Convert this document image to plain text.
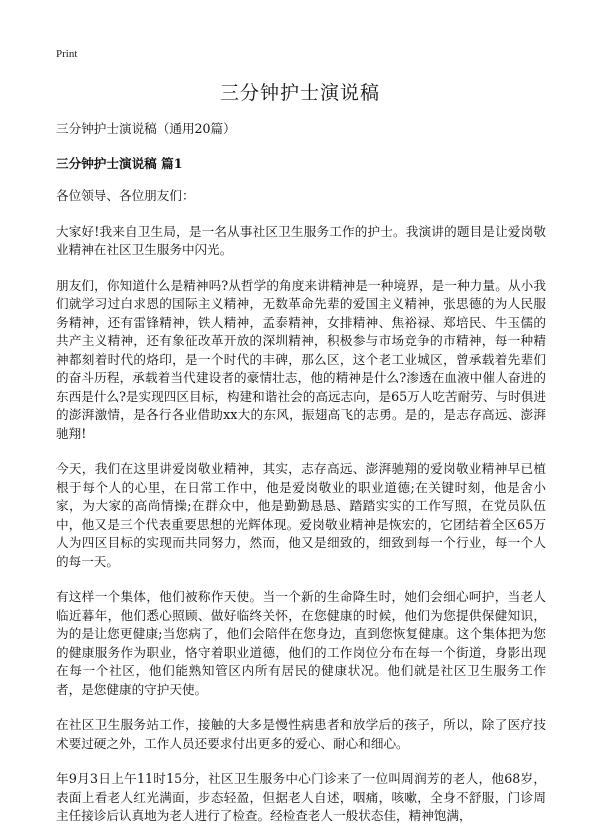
Print
三分钟护士演说稿
三分钟护士演说稿（通用20篇）
三分钟护士演说稿 篇1

各位领导、各位朋友们：

大家好!我来自卫生局，是一名从事社区卫生服务工作的护士。我演讲的题目是让爱岗敬业精神在社区卫生服务中闪光。

朋友们，你知道什么是精神吗?从哲学的角度来讲精神是一种境界，是一种力量。从小我们就学习过白求恩的国际主义精神，无数革命先辈的爱国主义精神，张思德的为人民服务精神，还有雷锋精神，铁人精神，孟泰精神，女排精神、焦裕禄、郑培民、牛玉儒的共产主义精神，还有象征改革开放的深圳精神，积极参与市场竞争的市精神，每一种精神都刻着时代的烙印，是一个时代的丰碑，那么区，这个老工业城区，曾承载着先辈们的奋斗历程，承载着当代建设者的豪情壮志，他的精神是什么?渗透在血液中催人奋进的东西是什么?是实现四区目标，构建和谐社会的高远志向，是65万人吃苦耐劳、与时俱进的澎湃激情，是各行各业借助xx大的东风，振翅高飞的志勇。是的，是志存高远、澎湃驰翔!

今天，我们在这里讲爱岗敬业精神，其实，志存高远、澎湃驰翔的爱岗敬业精神早已植根于每个人的心里，在日常工作中，他是爱岗敬业的职业道德;在关键时刻，他是舍小家，为大家的高尚情操;在群众中，他是勤勤恳恳、踏踏实实的工作写照，在党员队伍中，他又是三个代表重要思想的光辉体现。爱岗敬业精神是恢宏的，它团结着全区65万人为四区目标的实现而共同努力，然而，他又是细致的，细致到每一个行业，每一个人的每一天。

有这样一个集体，他们被称作天使。当一个新的生命降生时，她们会细心呵护，当老人临近暮年，他们悉心照顾、做好临终关怀，在您健康的时候，他们为您提供保健知识，为的是让您更健康;当您病了，他们会陪伴在您身边，直到您恢复健康。这个集体把为您的健康服务作为职业，恪守着职业道德，他们的工作岗位分布在每一个街道，身影出现在每一个社区，他们能熟知管区内所有居民的健康状况。他们就是社区卫生服务工作者，是您健康的守护天使。

在社区卫生服务站工作，接触的大多是慢性病患者和放学后的孩子，所以，除了医疗技术要过硬之外，工作人员还要求付出更多的爱心、耐心和细心。

年9月3日上午11时15分，社区卫生服务中心门诊来了一位叫周润芳的老人，他68岁，表面上看老人红光满面，步态轻盈，但据老人自述，咽痛，咳嗽，全身不舒服，门诊周主任接诊后认真地为老人进行了检查。经检查老人一般状态佳，精神饱满，
